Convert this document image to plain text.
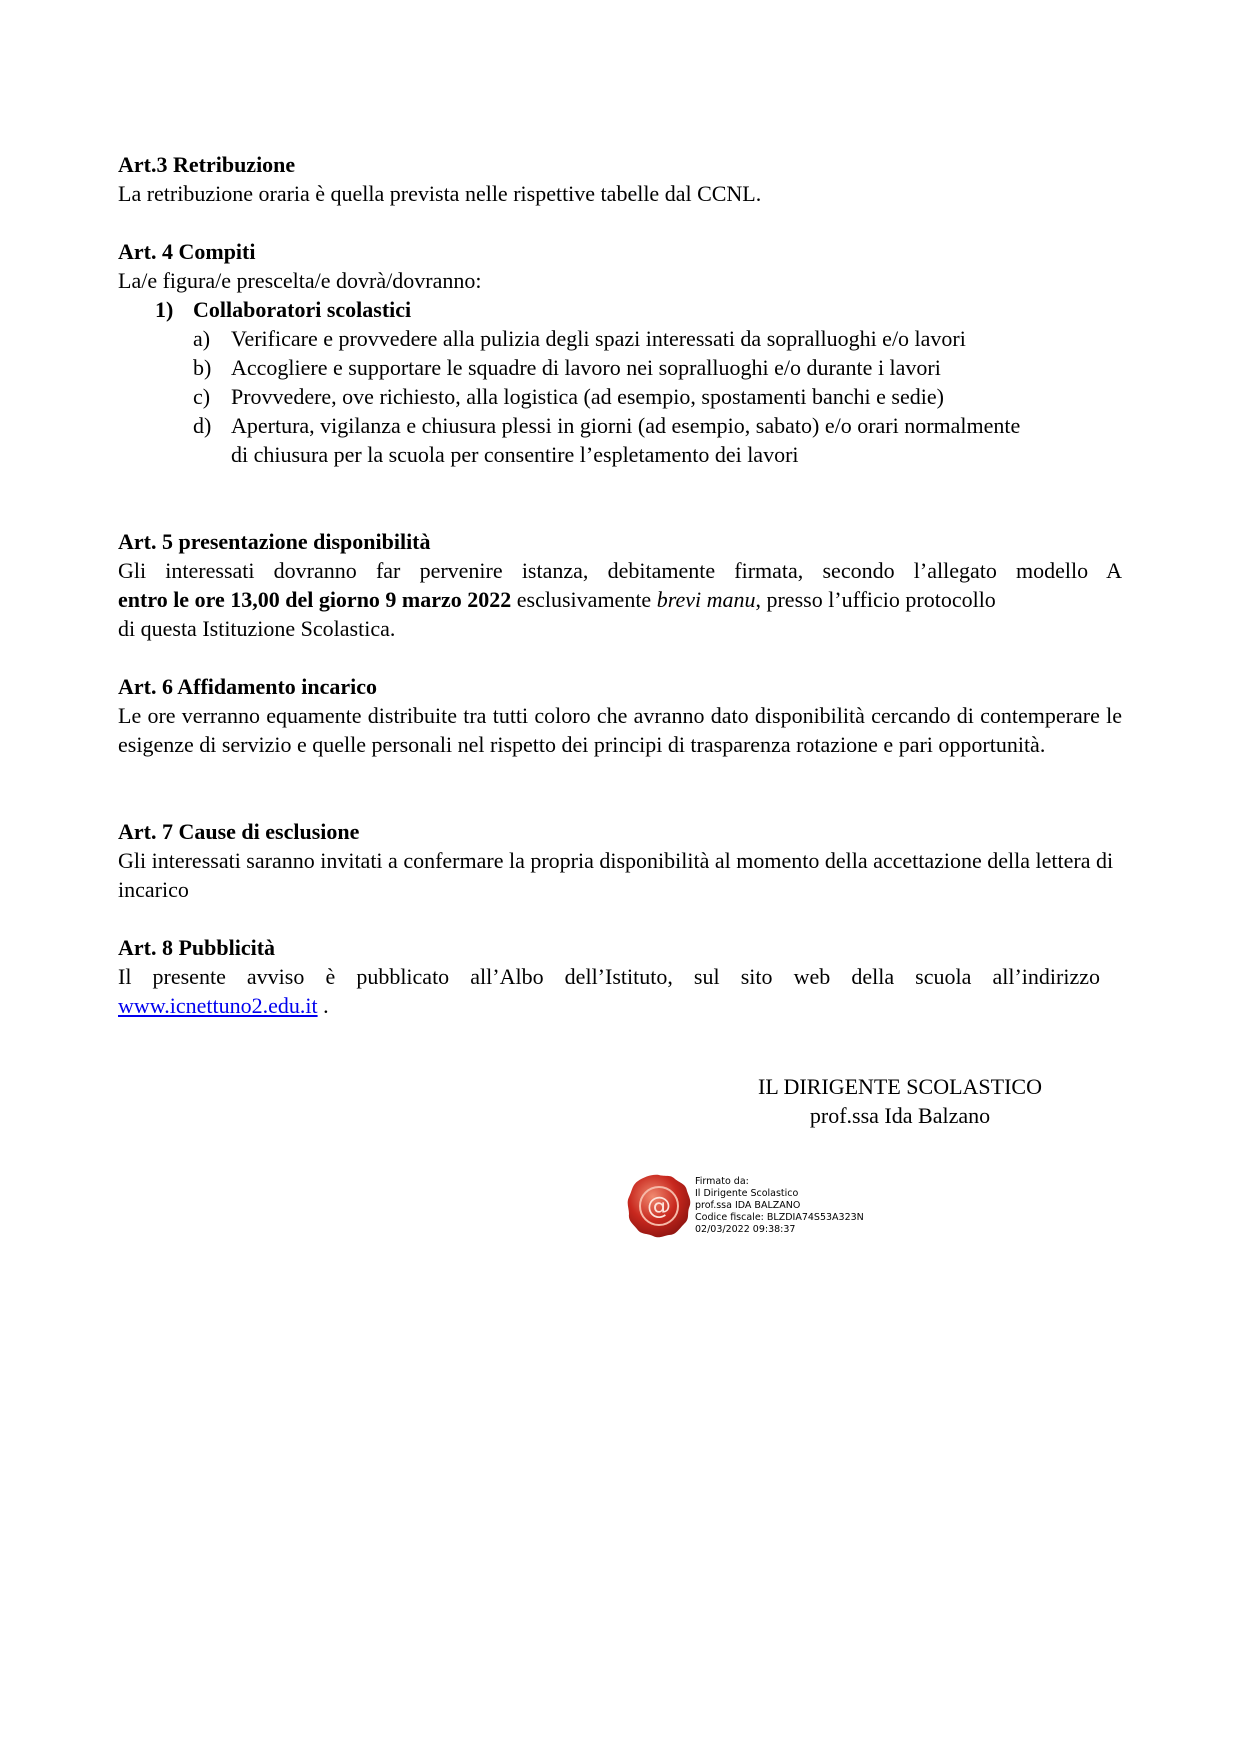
Art.3 Retribuzione
La retribuzione oraria è quella prevista nelle rispettive tabelle dal CCNL.
Art. 4 Compiti
La/e figura/e prescelta/e dovrà/dovranno:
1) Collaboratori scolastici
a) Verificare e provvedere alla pulizia degli spazi interessati da sopralluoghi e/o lavori
b) Accogliere e supportare le squadre di lavoro nei sopralluoghi e/o durante i lavori
c) Provvedere, ove richiesto, alla logistica (ad esempio, spostamenti banchi e sedie)
d) Apertura, vigilanza e chiusura plessi in giorni (ad esempio, sabato) e/o orari normalmente
di chiusura per la scuola per consentire l’espletamento dei lavori
Art. 5 presentazione disponibilità
Gli interessati dovranno far pervenire istanza, debitamente firmata, secondo l’allegato modello A
entro le ore 13,00 del giorno 9 marzo 2022 esclusivamente brevi manu, presso l’ufficio protocollo
di questa Istituzione Scolastica.
Art. 6 Affidamento incarico
Le ore verranno equamente distribuite tra tutti coloro che avranno dato disponibilità cercando di contemperare le esigenze di servizio e quelle personali nel rispetto dei principi di trasparenza rotazione e pari opportunità.
Art. 7 Cause di esclusione
Gli interessati saranno invitati a confermare la propria disponibilità al momento della accettazione della lettera di incarico
Art. 8 Pubblicità
Il presente avviso è pubblicato all’Albo dell’Istituto, sul sito web della scuola all’indirizzo
www.icnettuno2.edu.it .
IL DIRIGENTE SCOLASTICO
prof.ssa Ida Balzano
@
Firmato da:
Il Dirigente Scolastico
prof.ssa IDA BALZANO
Codice fiscale: BLZDIA74S53A323N
02/03/2022 09:38:37
